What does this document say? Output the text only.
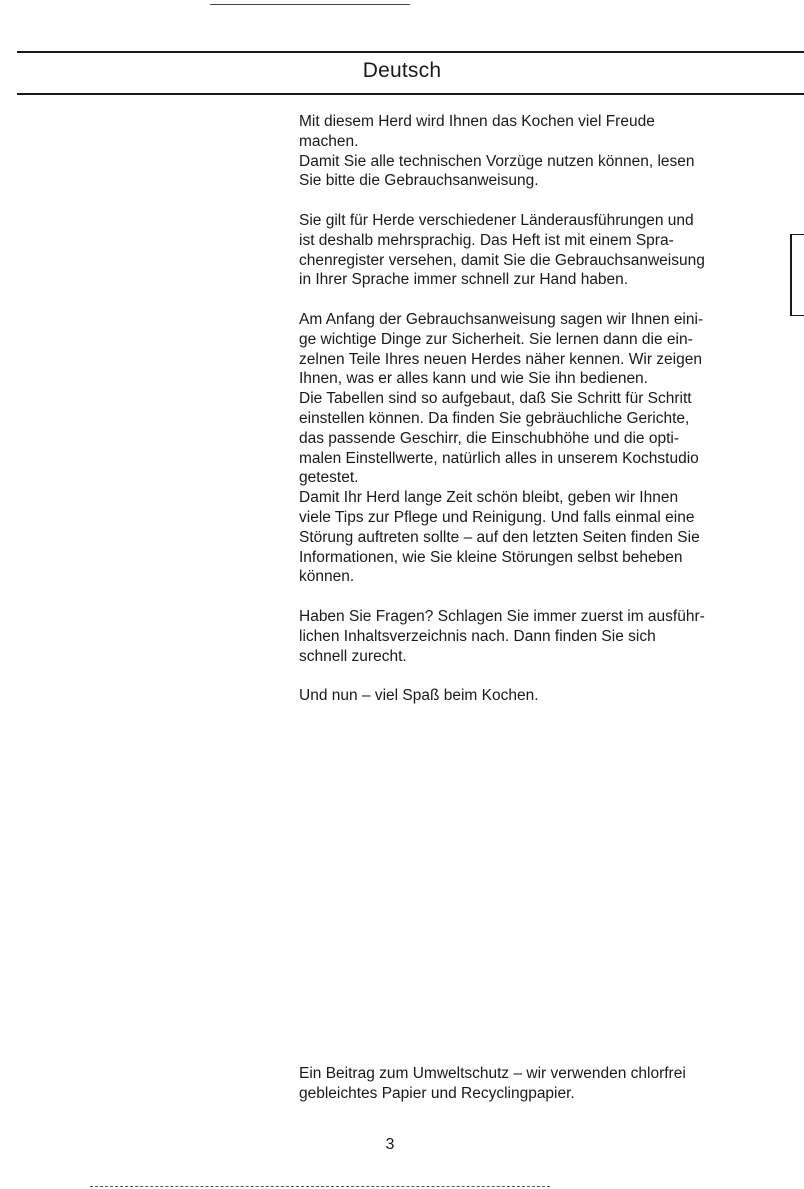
Deutsch

Mit diesem Herd wird Ihnen das Kochen viel Freude
machen.
Damit Sie alle technischen Vorzüge nutzen können, lesen
Sie bitte die Gebrauchsanweisung.

Sie gilt für Herde verschiedener Länderausführungen und
ist deshalb mehrsprachig. Das Heft ist mit einem Spra-
chenregister versehen, damit Sie die Gebrauchsanweisung
in Ihrer Sprache immer schnell zur Hand haben.

Am Anfang der Gebrauchsanweisung sagen wir Ihnen eini-
ge wichtige Dinge zur Sicherheit. Sie lernen dann die ein-
zelnen Teile Ihres neuen Herdes näher kennen. Wir zeigen
Ihnen, was er alles kann und wie Sie ihn bedienen.
Die Tabellen sind so aufgebaut, daß Sie Schritt für Schritt
einstellen können. Da finden Sie gebräuchliche Gerichte,
das passende Geschirr, die Einschubhöhe und die opti-
malen Einstellwerte, natürlich alles in unserem Kochstudio
getestet.
Damit Ihr Herd lange Zeit schön bleibt, geben wir Ihnen
viele Tips zur Pflege und Reinigung. Und falls einmal eine
Störung auftreten sollte – auf den letzten Seiten finden Sie
Informationen, wie Sie kleine Störungen selbst beheben
können.

Haben Sie Fragen? Schlagen Sie immer zuerst im ausführ-
lichen Inhaltsverzeichnis nach. Dann finden Sie sich
schnell zurecht.

Und nun – viel Spaß beim Kochen.

Ein Beitrag zum Umweltschutz – wir verwenden chlorfrei
gebleichtes Papier und Recyclingpapier.
3
